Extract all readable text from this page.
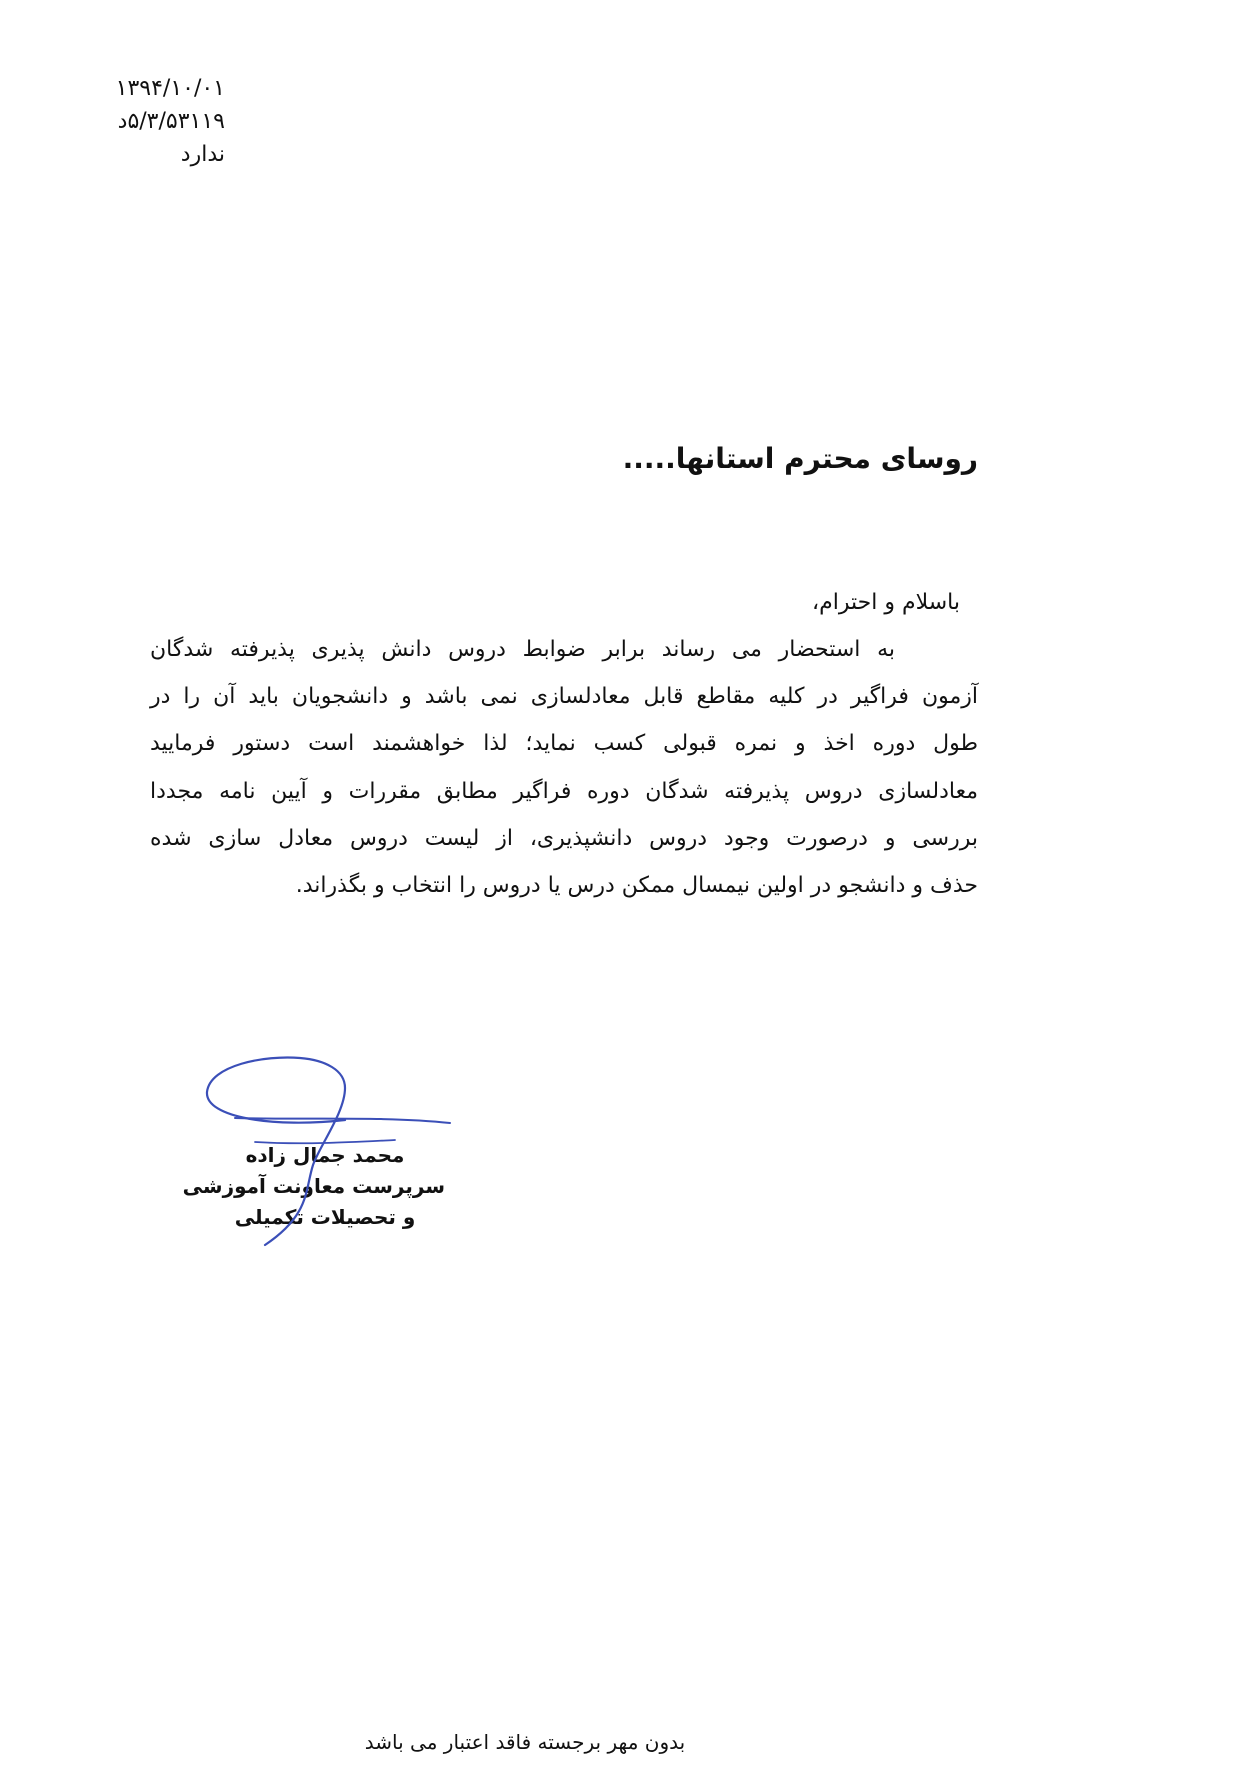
۱۳۹۴/۱۰/۰۱
۵/۳/۵۳۱۱۹د
ندارد
روسای محترم استانها.....
باسلام و احترام،
به استحضار می رساند برابر ضوابط دروس دانش پذیری پذیرفته شدگان
آزمون فراگیر در کلیه مقاطع قابل معادلسازی نمی باشد و دانشجویان باید آن را در
طول دوره اخذ و نمره قبولی کسب نماید؛ لذا خواهشمند است دستور فرمایید
معادلسازی دروس پذیرفته شدگان دوره فراگیر مطابق مقررات و آیین نامه مجددا
بررسی و درصورت وجود دروس دانشپذیری، از لیست دروس معادل سازی شده
حذف و دانشجو در اولین نیمسال ممکن درس یا دروس را انتخاب و بگذراند.
محمد جمال زاده
سرپرست معاونت آموزشی
و تحصیلات تکمیلی
بدون مهر برجسته فاقد اعتبار می باشد
